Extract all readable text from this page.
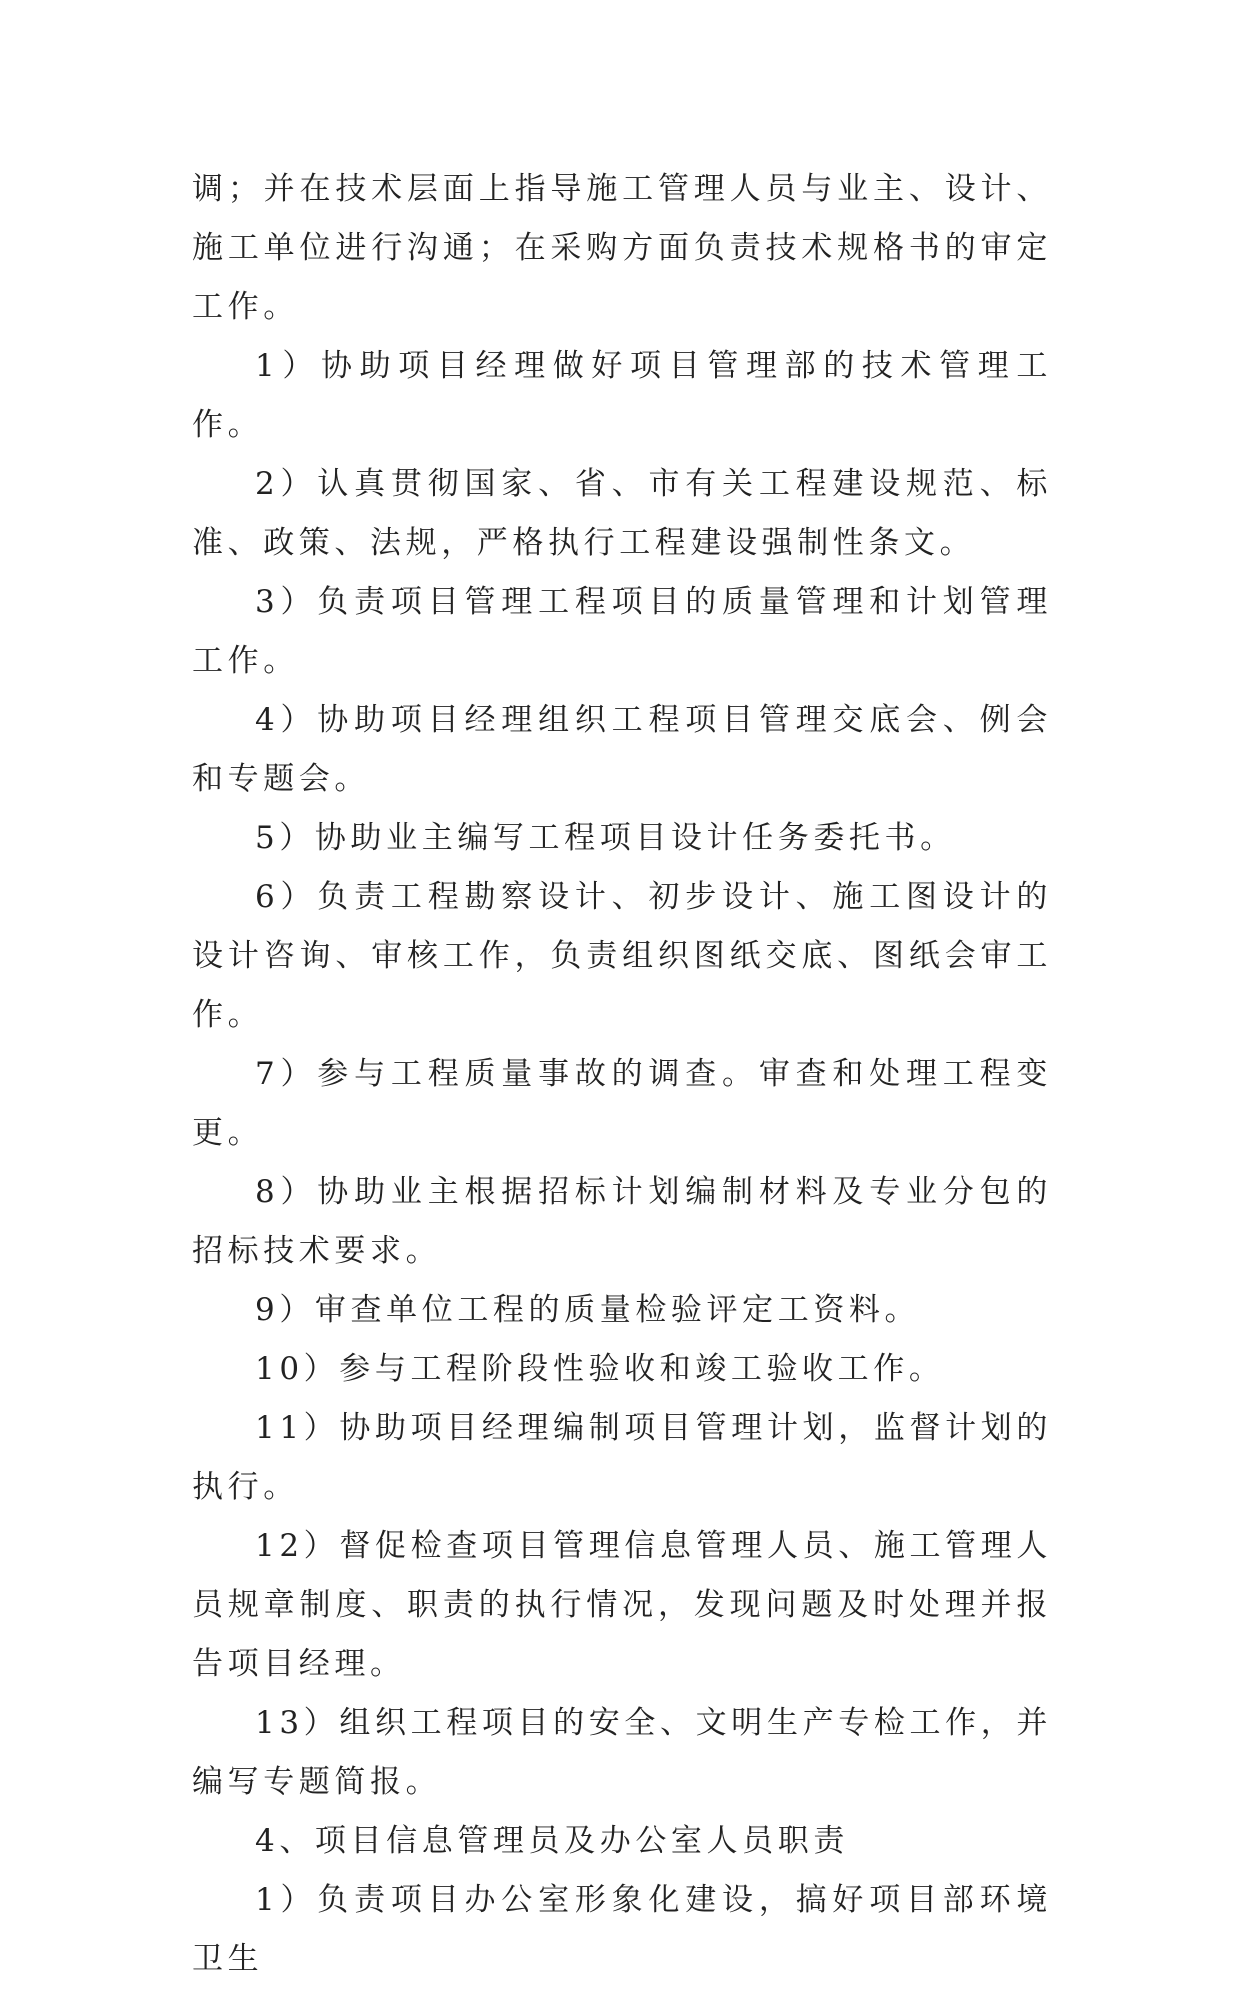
调；并在技术层面上指导施工管理人员与业主、设计、施工单位进行沟通；在采购方面负责技术规格书的审定工作。

1）协助项目经理做好项目管理部的技术管理工作。

2）认真贯彻国家、省、市有关工程建设规范、标准、政策、法规，严格执行工程建设强制性条文。

3）负责项目管理工程项目的质量管理和计划管理工作。

4）协助项目经理组织工程项目管理交底会、例会和专题会。

5）协助业主编写工程项目设计任务委托书。

6）负责工程勘察设计、初步设计、施工图设计的设计咨询、审核工作，负责组织图纸交底、图纸会审工作。

7）参与工程质量事故的调查。审查和处理工程变更。

8）协助业主根据招标计划编制材料及专业分包的招标技术要求。

9）审查单位工程的质量检验评定工资料。

10）参与工程阶段性验收和竣工验收工作。

11）协助项目经理编制项目管理计划，监督计划的执行。

12）督促检查项目管理信息管理人员、施工管理人员规章制度、职责的执行情况，发现问题及时处理并报告项目经理。

13）组织工程项目的安全、文明生产专检工作，并编写专题简报。

4、项目信息管理员及办公室人员职责

1）负责项目办公室形象化建设，搞好项目部环境卫生
